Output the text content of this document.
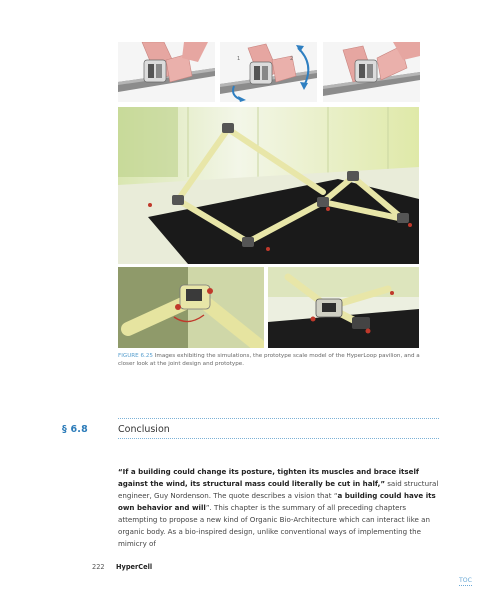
1	2
FIGURE 6.25 Images exhibiting the simulations, the prototype scale model of the HyperLoop pavilion, and a closer look at the joint design and prototype.
§ 6.8	Conclusion
“If a building could change its posture, tighten its muscles and brace itself against the wind, its structural mass could literally be cut in half,” said structural engineer, Guy Nordenson. The quote describes a vision that “a building could have its own behavior and will”. This chapter is the summary of all preceding chapters attempting to propose a new kind of Organic Bio-Architecture which can interact like an organic body. As a bio-inspired design, unlike conventional ways of implementing the mimicry of
222 HyperCell
TOC
